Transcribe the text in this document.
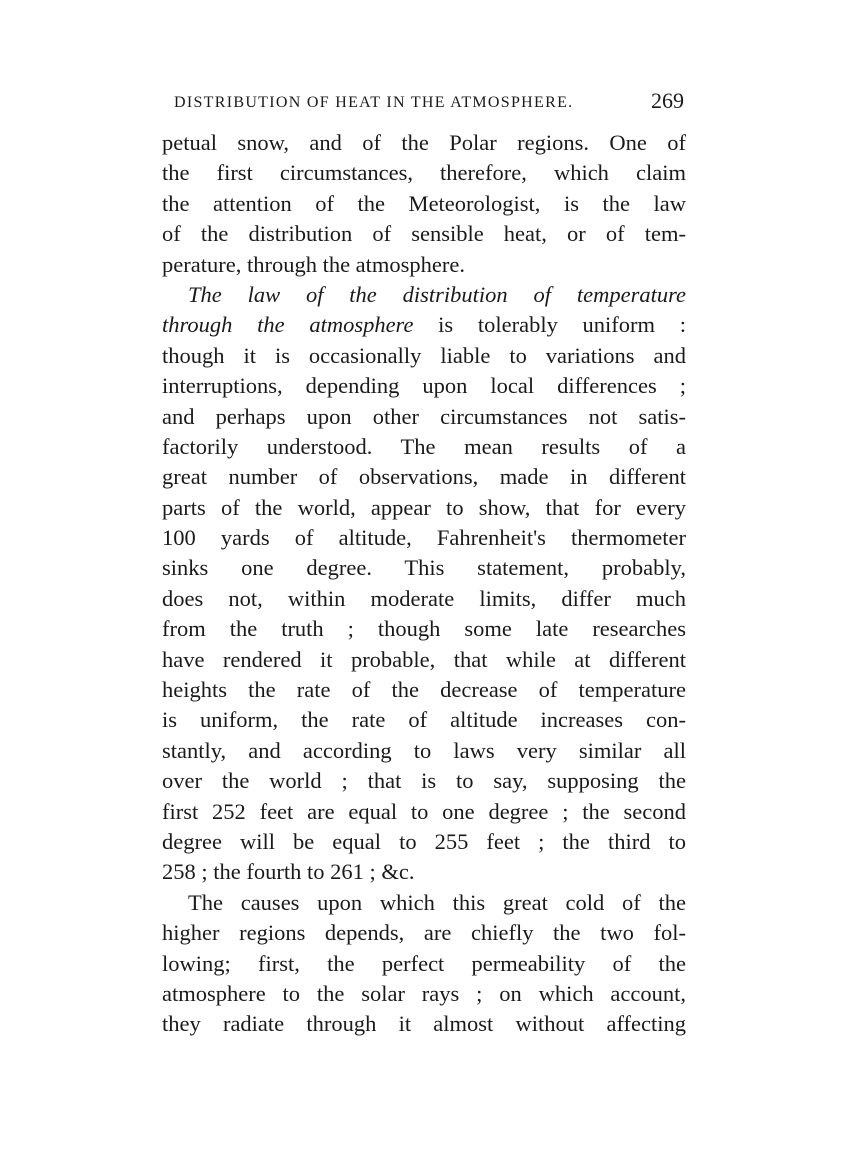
DISTRIBUTION OF HEAT IN THE ATMOSPHERE.	269
petual snow, and of the Polar regions. One of
the first circumstances, therefore, which claim
the attention of the Meteorologist, is the law
of the distribution of sensible heat, or of tem-
perature, through the atmosphere.
The law of the distribution of temperature
through the atmosphere is tolerably uniform :
though it is occasionally liable to variations and
interruptions, depending upon local differences ;
and perhaps upon other circumstances not satis-
factorily understood. The mean results of a
great number of observations, made in different
parts of the world, appear to show, that for every
100 yards of altitude, Fahrenheit's thermometer
sinks one degree. This statement, probably,
does not, within moderate limits, differ much
from the truth ; though some late researches
have rendered it probable, that while at different
heights the rate of the decrease of temperature
is uniform, the rate of altitude increases con-
stantly, and according to laws very similar all
over the world ; that is to say, supposing the
first 252 feet are equal to one degree ; the second
degree will be equal to 255 feet ; the third to
258 ; the fourth to 261 ; &c.
The causes upon which this great cold of the
higher regions depends, are chiefly the two fol-
lowing; first, the perfect permeability of the
atmosphere to the solar rays ; on which account,
they radiate through it almost without affecting
